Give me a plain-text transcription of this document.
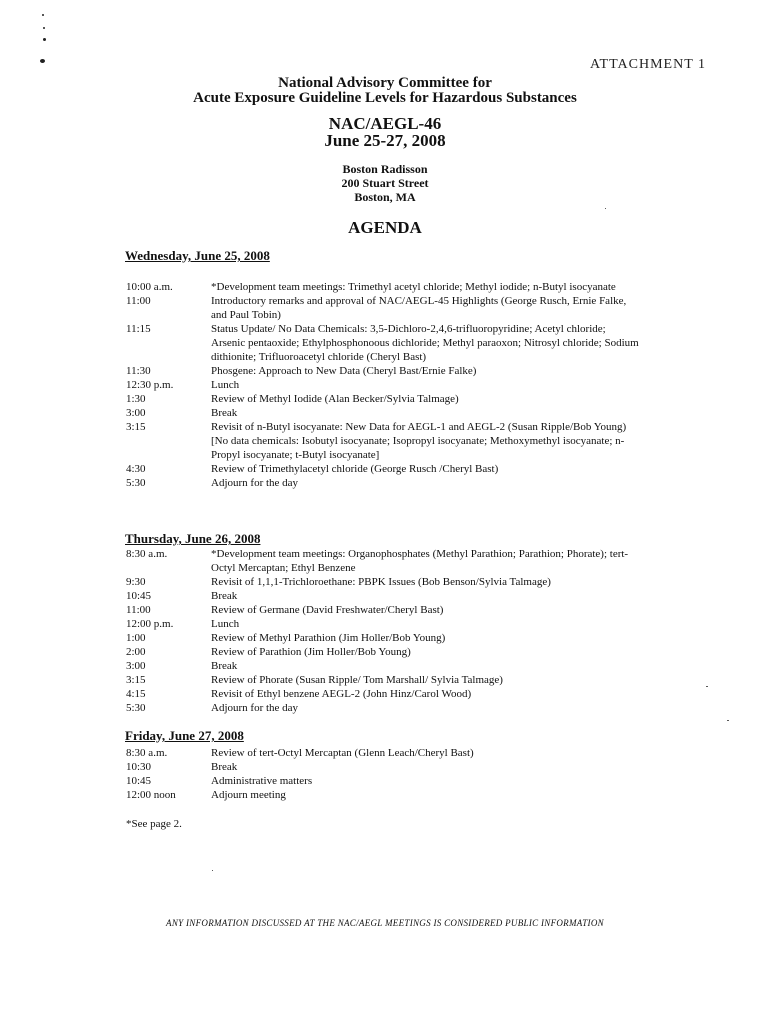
ATTACHMENT 1
National Advisory Committee for
Acute Exposure Guideline Levels for Hazardous Substances
NAC/AEGL-46
June 25-27, 2008
Boston Radisson
200 Stuart Street
Boston, MA
AGENDA
Wednesday, June 25, 2008
10:00 a.m.	*Development team meetings: Trimethyl acetyl chloride; Methyl iodide; n-Butyl isocyanate
11:00	Introductory remarks and approval of NAC/AEGL-45 Highlights (George Rusch, Ernie Falke, and Paul Tobin)
11:15	Status Update/ No Data Chemicals: 3,5-Dichloro-2,4,6-trifluoropyridine; Acetyl chloride; Arsenic pentaoxide; Ethylphosphonoous dichloride; Methyl paraoxon; Nitrosyl chloride; Sodium dithionite; Trifluoroacetyl chloride (Cheryl Bast)
11:30	Phosgene: Approach to New Data (Cheryl Bast/Ernie Falke)
12:30 p.m.	Lunch
1:30	Review of Methyl Iodide (Alan Becker/Sylvia Talmage)
3:00	Break
3:15	Revisit of n-Butyl isocyanate: New Data for AEGL-1 and AEGL-2 (Susan Ripple/Bob Young) [No data chemicals: Isobutyl isocyanate; Isopropyl isocyanate; Methoxymethyl isocyanate; n-Propyl isocyanate; t-Butyl isocyanate]
4:30	Review of Trimethylacetyl chloride (George Rusch /Cheryl Bast)
5:30	Adjourn for the day
Thursday, June 26, 2008
8:30 a.m.	*Development team meetings: Organophosphates (Methyl Parathion; Parathion; Phorate); tert-Octyl Mercaptan; Ethyl Benzene
9:30	Revisit of 1,1,1-Trichloroethane: PBPK Issues (Bob Benson/Sylvia Talmage)
10:45	Break
11:00	Review of Germane (David Freshwater/Cheryl Bast)
12:00 p.m.	Lunch
1:00	Review of Methyl Parathion (Jim Holler/Bob Young)
2:00	Review of Parathion (Jim Holler/Bob Young)
3:00	Break
3:15	Review of Phorate (Susan Ripple/ Tom Marshall/ Sylvia Talmage)
4:15	Revisit of Ethyl benzene AEGL-2 (John Hinz/Carol Wood)
5:30	Adjourn for the day
Friday, June 27, 2008
8:30 a.m.	Review of tert-Octyl Mercaptan (Glenn Leach/Cheryl Bast)
10:30	Break
10:45	Administrative matters
12:00 noon	Adjourn meeting
*See page 2.
ANY INFORMATION DISCUSSED AT THE NAC/AEGL MEETINGS IS CONSIDERED PUBLIC INFORMATION
